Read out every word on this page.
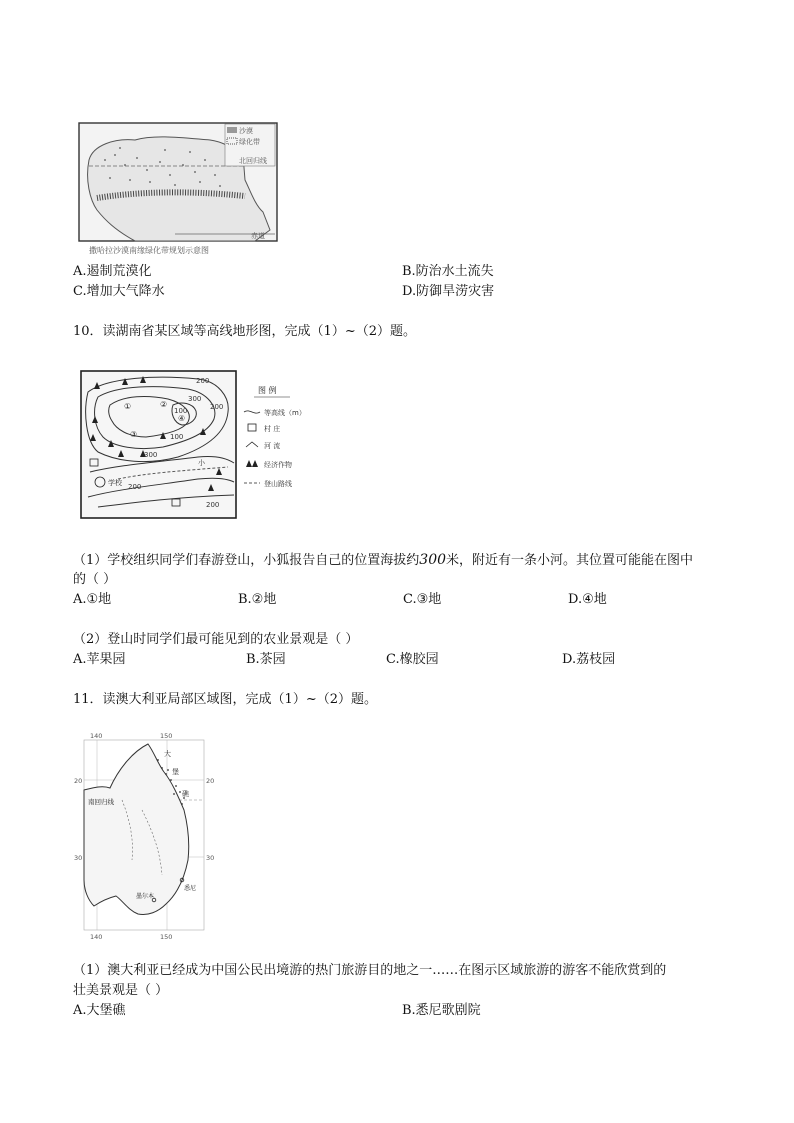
沙漠
绿化带
北回归线
赤道
撒哈拉沙漠南缘绿化带规划示意图
A.遏制荒漠化	B.防治水土流失
C.增加大气降水	D.防御旱涝灾害
10．读湖南省某区域等高线地形图，完成（1）~（2）题。
200
300
100
100
200
300
200
200
小
学校
①	②
③
④
图 例
等高线（m）
村 庄
河 流
经济作物
登山路线
（1）学校组织同学们春游登山，小狐报告自己的位置海拔约300米，附近有一条小河。其位置可能能在图中
的（ ）
A.①地	B.②地	C.③地	D.④地
（2）登山时同学们最可能见到的农业景观是（ ）
A.苹果园	B.茶园	C.橡胶园	D.荔枝园
11．读澳大利亚局部区域图，完成（1）~（2）题。
悉尼
墨尔本
大
堡
礁
南回归线
140	150
140	150
20	20
30	30
（1）澳大利亚已经成为中国公民出境游的热门旅游目的地之一……在图示区域旅游的游客不能欣赏到的
壮美景观是（ ）
A.大堡礁	B.悉尼歌剧院
